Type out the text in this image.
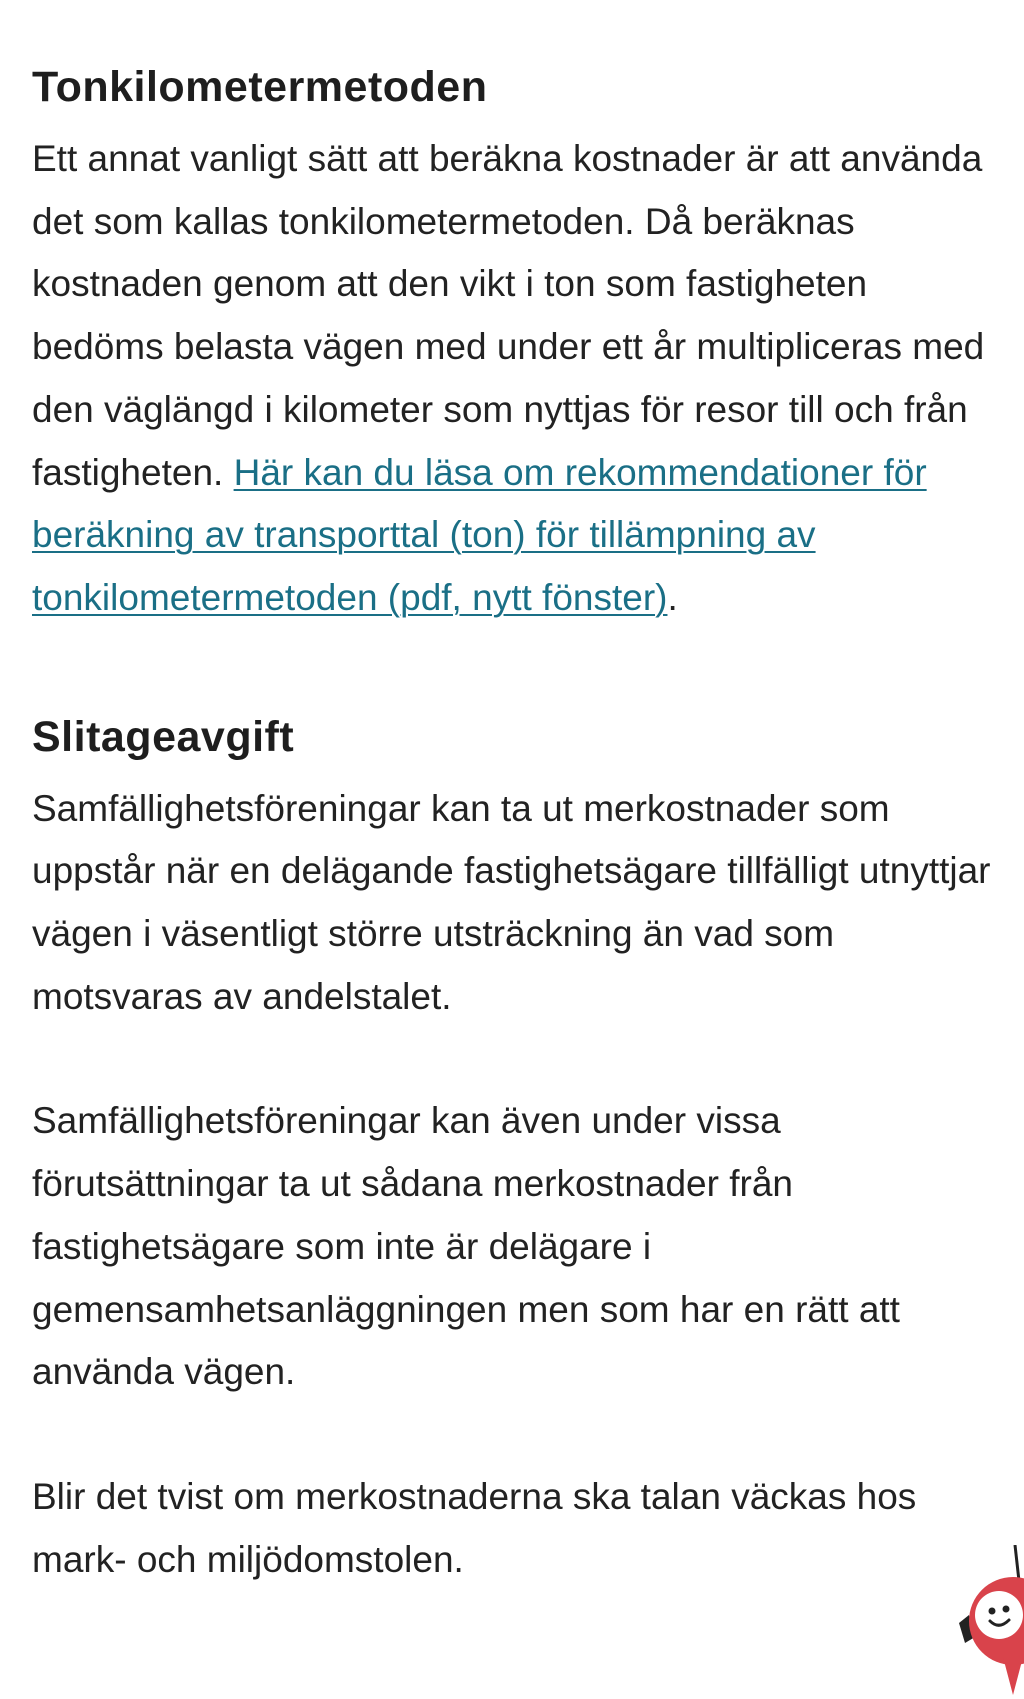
Tonkilometermetoden

Ett annat vanligt sätt att beräkna kostnader är att använda det som kallas tonkilometermetoden. Då beräknas kostnaden genom att den vikt i ton som fastigheten bedöms belasta vägen med under ett år multipliceras med den väglängd i kilometer som nyttjas för resor till och från fastigheten. Här kan du läsa om rekommendationer för beräkning av transporttal (ton) för tillämpning av tonkilometermetoden (pdf, nytt fönster).

Slitageavgift

Samfällighetsföreningar kan ta ut merkostnader som uppstår när en delägande fastighetsägare tillfälligt utnyttjar vägen i väsentligt större utsträckning än vad som motsvaras av andelstalet.

Samfällighetsföreningar kan även under vissa förutsättningar ta ut sådana merkostnader från fastighetsägare som inte är delägare i gemensamhetsanläggningen men som har en rätt att använda vägen.

Blir det tvist om merkostnaderna ska talan väckas hos mark- och miljödomstolen.
